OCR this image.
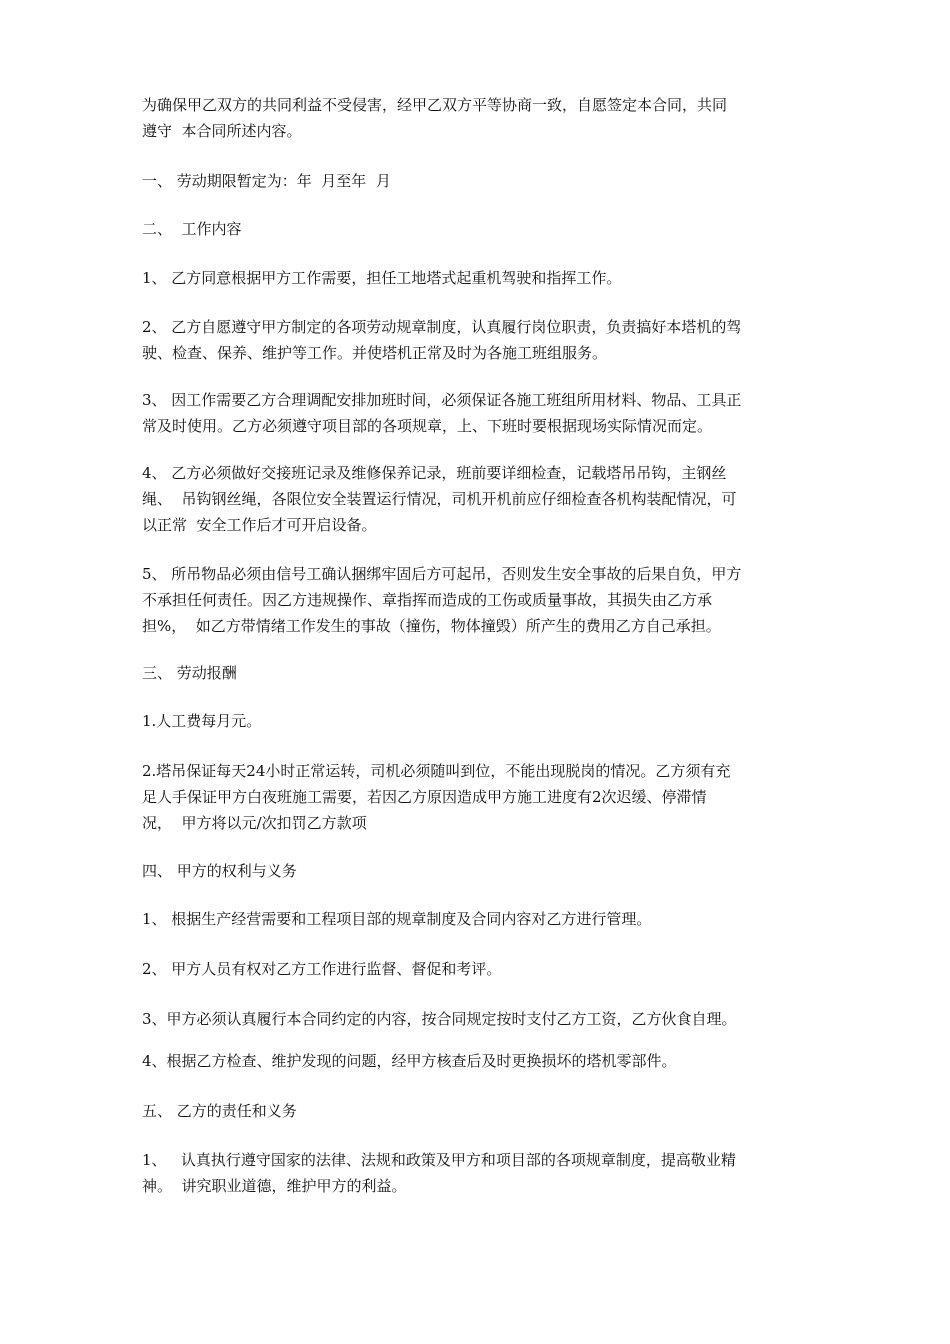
为确保甲乙双方的共同利益不受侵害，经甲乙双方平等协商一致，自愿签定本合同，共同
遵守  本合同所述内容。

一、 劳动期限暂定为：年  月至年  月

二、  工作内容

1、 乙方同意根据甲方工作需要，担任工地塔式起重机驾驶和指挥工作。

2、 乙方自愿遵守甲方制定的各项劳动规章制度，认真履行岗位职责，负责搞好本塔机的驾
驶、检查、保养、维护等工作。并使塔机正常及时为各施工班组服务。

3、 因工作需要乙方合理调配安排加班时间，必须保证各施工班组所用材料、物品、工具正
常及时使用。乙方必须遵守项目部的各项规章，上、下班时要根据现场实际情况而定。

4、 乙方必须做好交接班记录及维修保养记录，班前要详细检查，记载塔吊吊钩，主钢丝
绳、  吊钩钢丝绳，各限位安全装置运行情况，司机开机前应仔细检查各机构装配情况，可
以正常  安全工作后才可开启设备。

5、 所吊物品必须由信号工确认捆绑牢固后方可起吊，否则发生安全事故的后果自负，甲方
不承担任何责任。因乙方违规操作、章指挥而造成的工伤或质量事故，其损失由乙方承
担%，  如乙方带情绪工作发生的事故（撞伤，物体撞毁）所产生的费用乙方自己承担。

三、 劳动报酬

1.人工费每月元。

2.塔吊保证每天24小时正常运转，司机必须随叫到位，不能出现脱岗的情况。乙方须有充
足人手保证甲方白夜班施工需要，若因乙方原因造成甲方施工进度有2次迟缓、停滞情
况，  甲方将以元/次扣罚乙方款项

四、 甲方的权利与义务

1、 根据生产经营需要和工程项目部的规章制度及合同内容对乙方进行管理。

2、 甲方人员有权对乙方工作进行监督、督促和考评。

3、甲方必须认真履行本合同约定的内容，按合同规定按时支付乙方工资，乙方伙食自理。

4、根据乙方检查、维护发现的问题，经甲方核查后及时更换损坏的塔机零部件。

五、 乙方的责任和义务

1、   认真执行遵守国家的法律、法规和政策及甲方和项目部的各项规章制度，提高敬业精
神。  讲究职业道德，维护甲方的利益。
